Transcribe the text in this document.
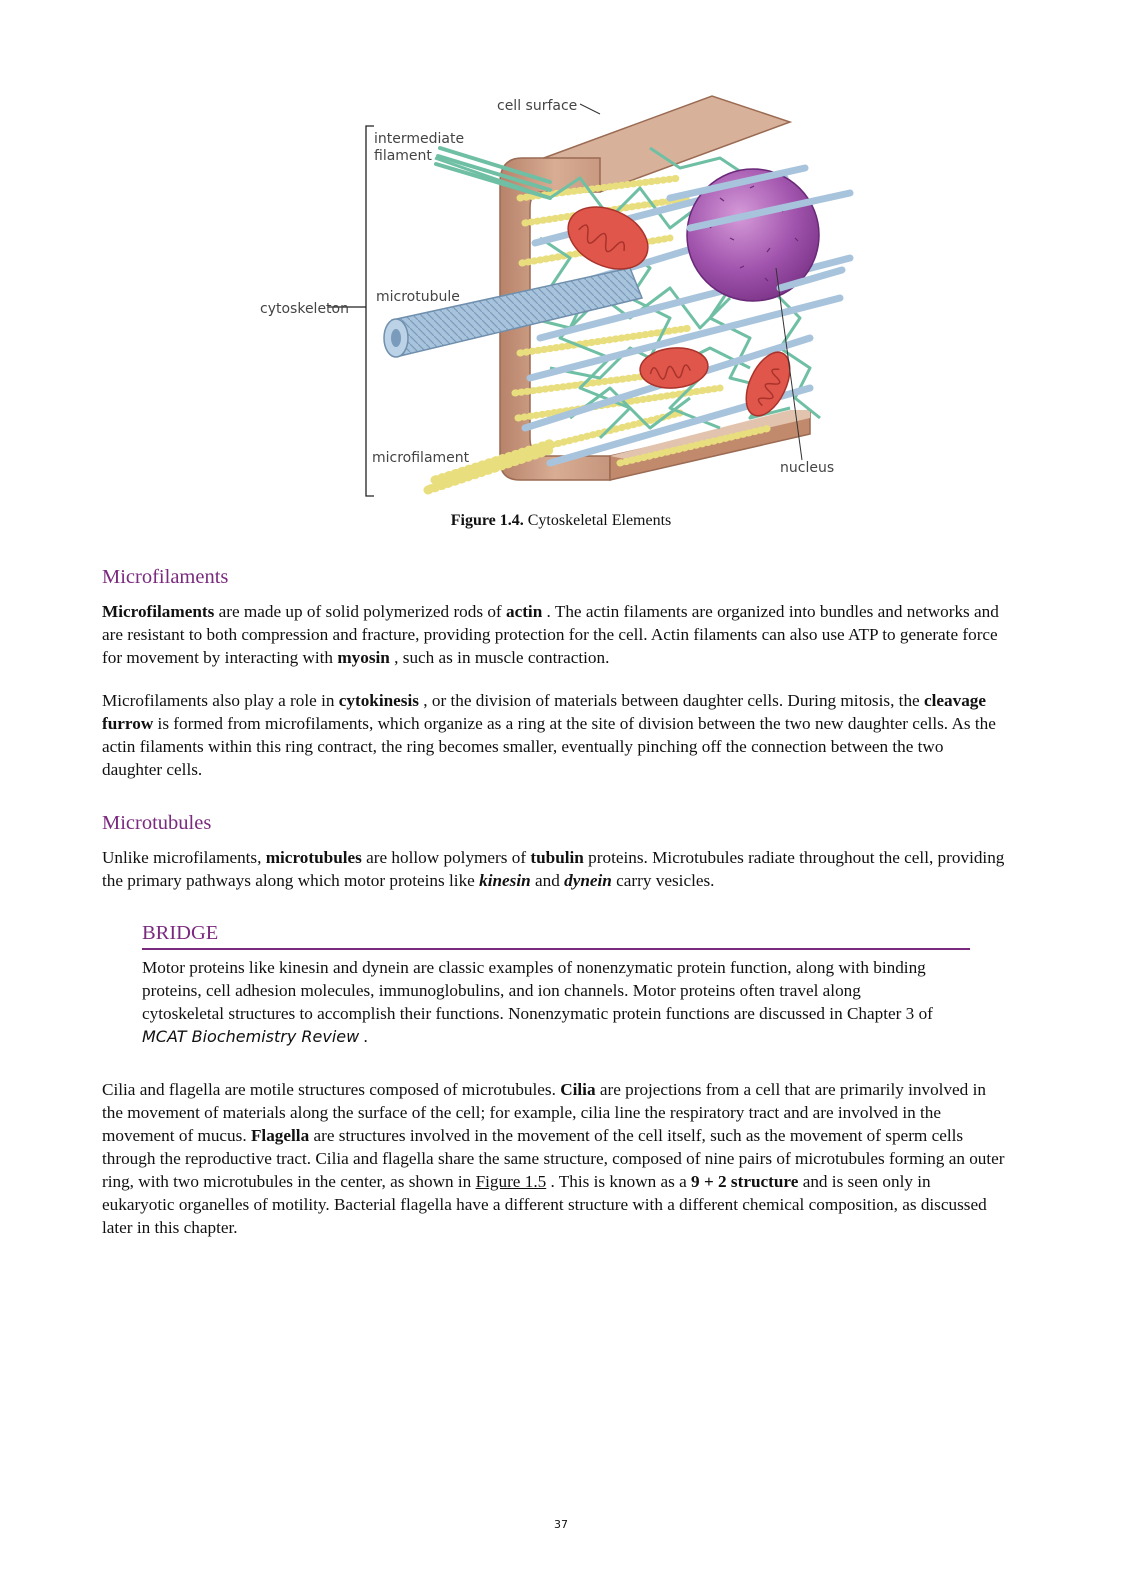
cell surface
intermediate
filament
cytoskeleton
microtubule
microfilament
nucleus
Figure 1.4. Cytoskeletal Elements
Microfilaments

Microfilaments are made up of solid polymerized rods of actin . The actin filaments are organized into bundles and networks and are resistant to both compression and fracture, providing protection for the cell. Actin filaments can also use ATP to generate force for movement by interacting with myosin , such as in muscle contraction.

Microfilaments also play a role in cytokinesis , or the division of materials between daughter cells. During mitosis, the cleavage furrow is formed from microfilaments, which organize as a ring at the site of division between the two new daughter cells. As the actin filaments within this ring contract, the ring becomes smaller, eventually pinching off the connection between the two daughter cells.

Microtubules

Unlike microfilaments, microtubules are hollow polymers of tubulin proteins. Microtubules radiate throughout the cell, providing the primary pathways along which motor proteins like kinesin and dynein carry vesicles.

BRIDGE

Motor proteins like kinesin and dynein are classic examples of nonenzymatic protein function, along with binding proteins, cell adhesion molecules, immunoglobulins, and ion channels. Motor proteins often travel along cytoskeletal structures to accomplish their functions. Nonenzymatic protein functions are discussed in Chapter 3 of MCAT Biochemistry Review .

Cilia and flagella are motile structures composed of microtubules. Cilia are projections from a cell that are primarily involved in the movement of materials along the surface of the cell; for example, cilia line the respiratory tract and are involved in the movement of mucus. Flagella are structures involved in the movement of the cell itself, such as the movement of sperm cells through the reproductive tract. Cilia and flagella share the same structure, composed of nine pairs of microtubules forming an outer ring, with two microtubules in the center, as shown in Figure 1.5 . This is known as a 9 + 2 structure and is seen only in eukaryotic organelles of motility. Bacterial flagella have a different structure with a different chemical composition, as discussed later in this chapter.

37
